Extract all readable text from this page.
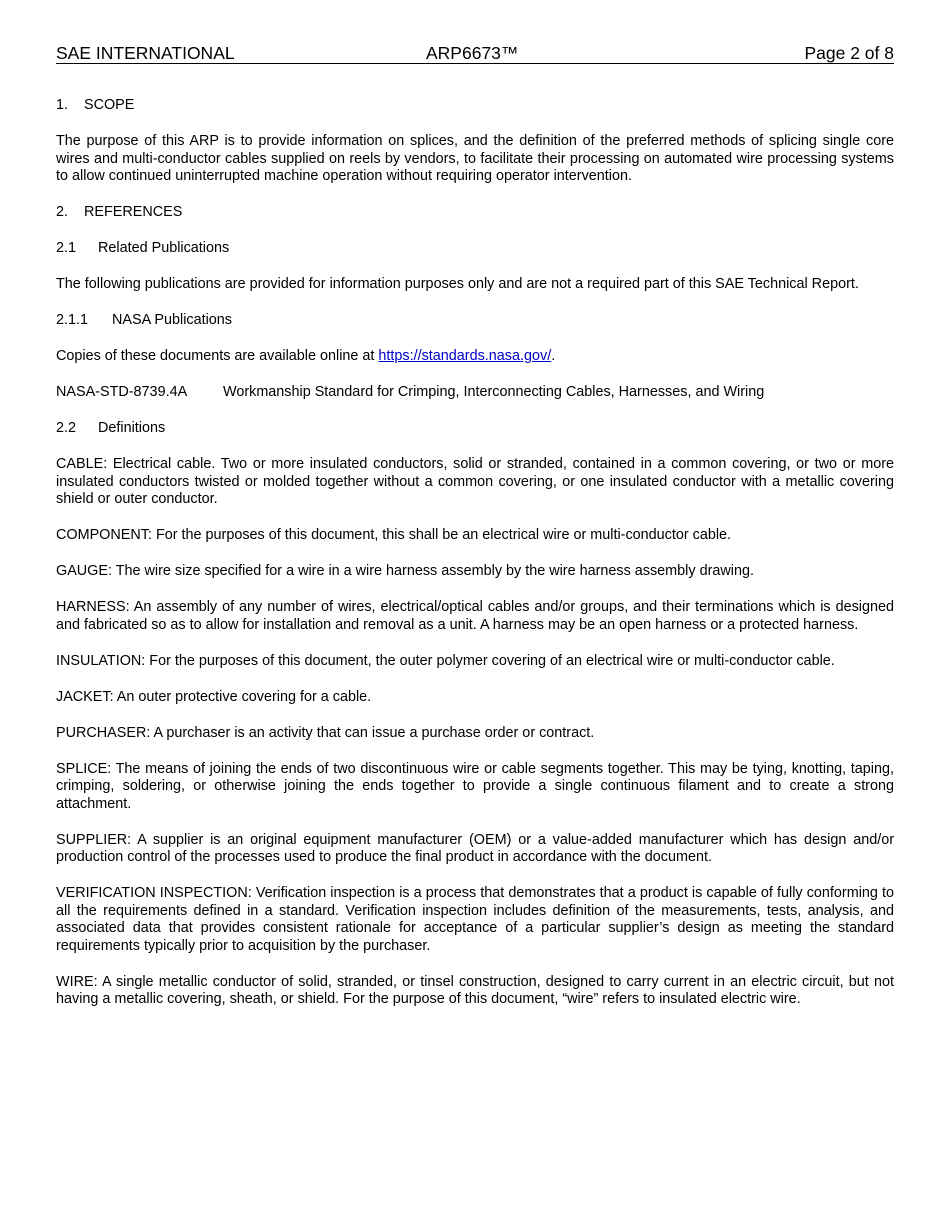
SAE INTERNATIONAL	ARP6673™	Page 2 of 8
1. SCOPE

The purpose of this ARP is to provide information on splices, and the definition of the preferred methods of splicing single core wires and multi-conductor cables supplied on reels by vendors, to facilitate their processing on automated wire processing systems to allow continued uninterrupted machine operation without requiring operator intervention.

2. REFERENCES
2.1 Related Publications

The following publications are provided for information purposes only and are not a required part of this SAE Technical Report.

2.1.1 NASA Publications

Copies of these documents are available online at https://standards.nasa.gov/.

NASA-STD-8739.4A Workmanship Standard for Crimping, Interconnecting Cables, Harnesses, and Wiring
2.2 Definitions

CABLE: Electrical cable. Two or more insulated conductors, solid or stranded, contained in a common covering, or two or more insulated conductors twisted or molded together without a common covering, or one insulated conductor with a metallic covering shield or outer conductor.

COMPONENT: For the purposes of this document, this shall be an electrical wire or multi-conductor cable.

GAUGE: The wire size specified for a wire in a wire harness assembly by the wire harness assembly drawing.

HARNESS: An assembly of any number of wires, electrical/optical cables and/or groups, and their terminations which is designed and fabricated so as to allow for installation and removal as a unit. A harness may be an open harness or a protected harness.

INSULATION: For the purposes of this document, the outer polymer covering of an electrical wire or multi-conductor cable.

JACKET: An outer protective covering for a cable.

PURCHASER: A purchaser is an activity that can issue a purchase order or contract.

SPLICE: The means of joining the ends of two discontinuous wire or cable segments together. This may be tying, knotting, taping, crimping, soldering, or otherwise joining the ends together to provide a single continuous filament and to create a strong attachment.

SUPPLIER: A supplier is an original equipment manufacturer (OEM) or a value-added manufacturer which has design and/or production control of the processes used to produce the final product in accordance with the document.

VERIFICATION INSPECTION: Verification inspection is a process that demonstrates that a product is capable of fully conforming to all the requirements defined in a standard. Verification inspection includes definition of the measurements, tests, analysis, and associated data that provides consistent rationale for acceptance of a particular supplier’s design as meeting the standard requirements typically prior to acquisition by the purchaser.

WIRE: A single metallic conductor of solid, stranded, or tinsel construction, designed to carry current in an electric circuit, but not having a metallic covering, sheath, or shield. For the purpose of this document, “wire” refers to insulated electric wire.
